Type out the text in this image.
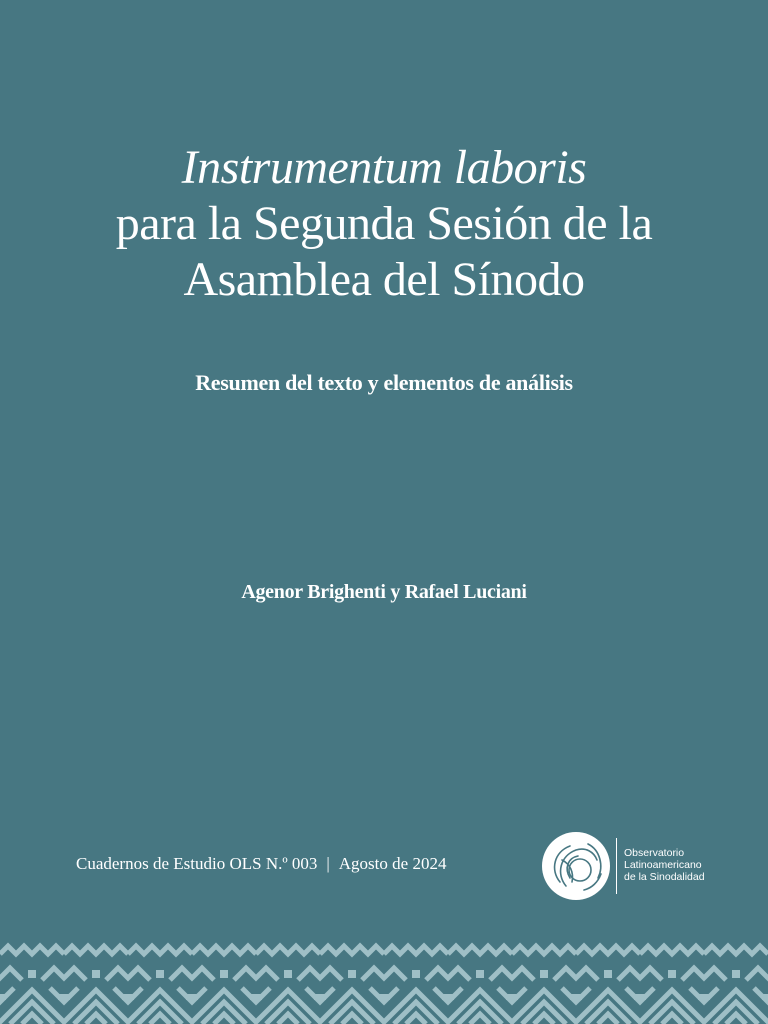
Instrumentum laboris
para la Segunda Sesión de la
Asamblea del Sínodo
Resumen del texto y elementos de análisis
Agenor Brighenti y Rafael Luciani
Cuadernos de Estudio OLS N.º 003 | Agosto de 2024
Observatorio
Latinoamericano
de la Sinodalidad
